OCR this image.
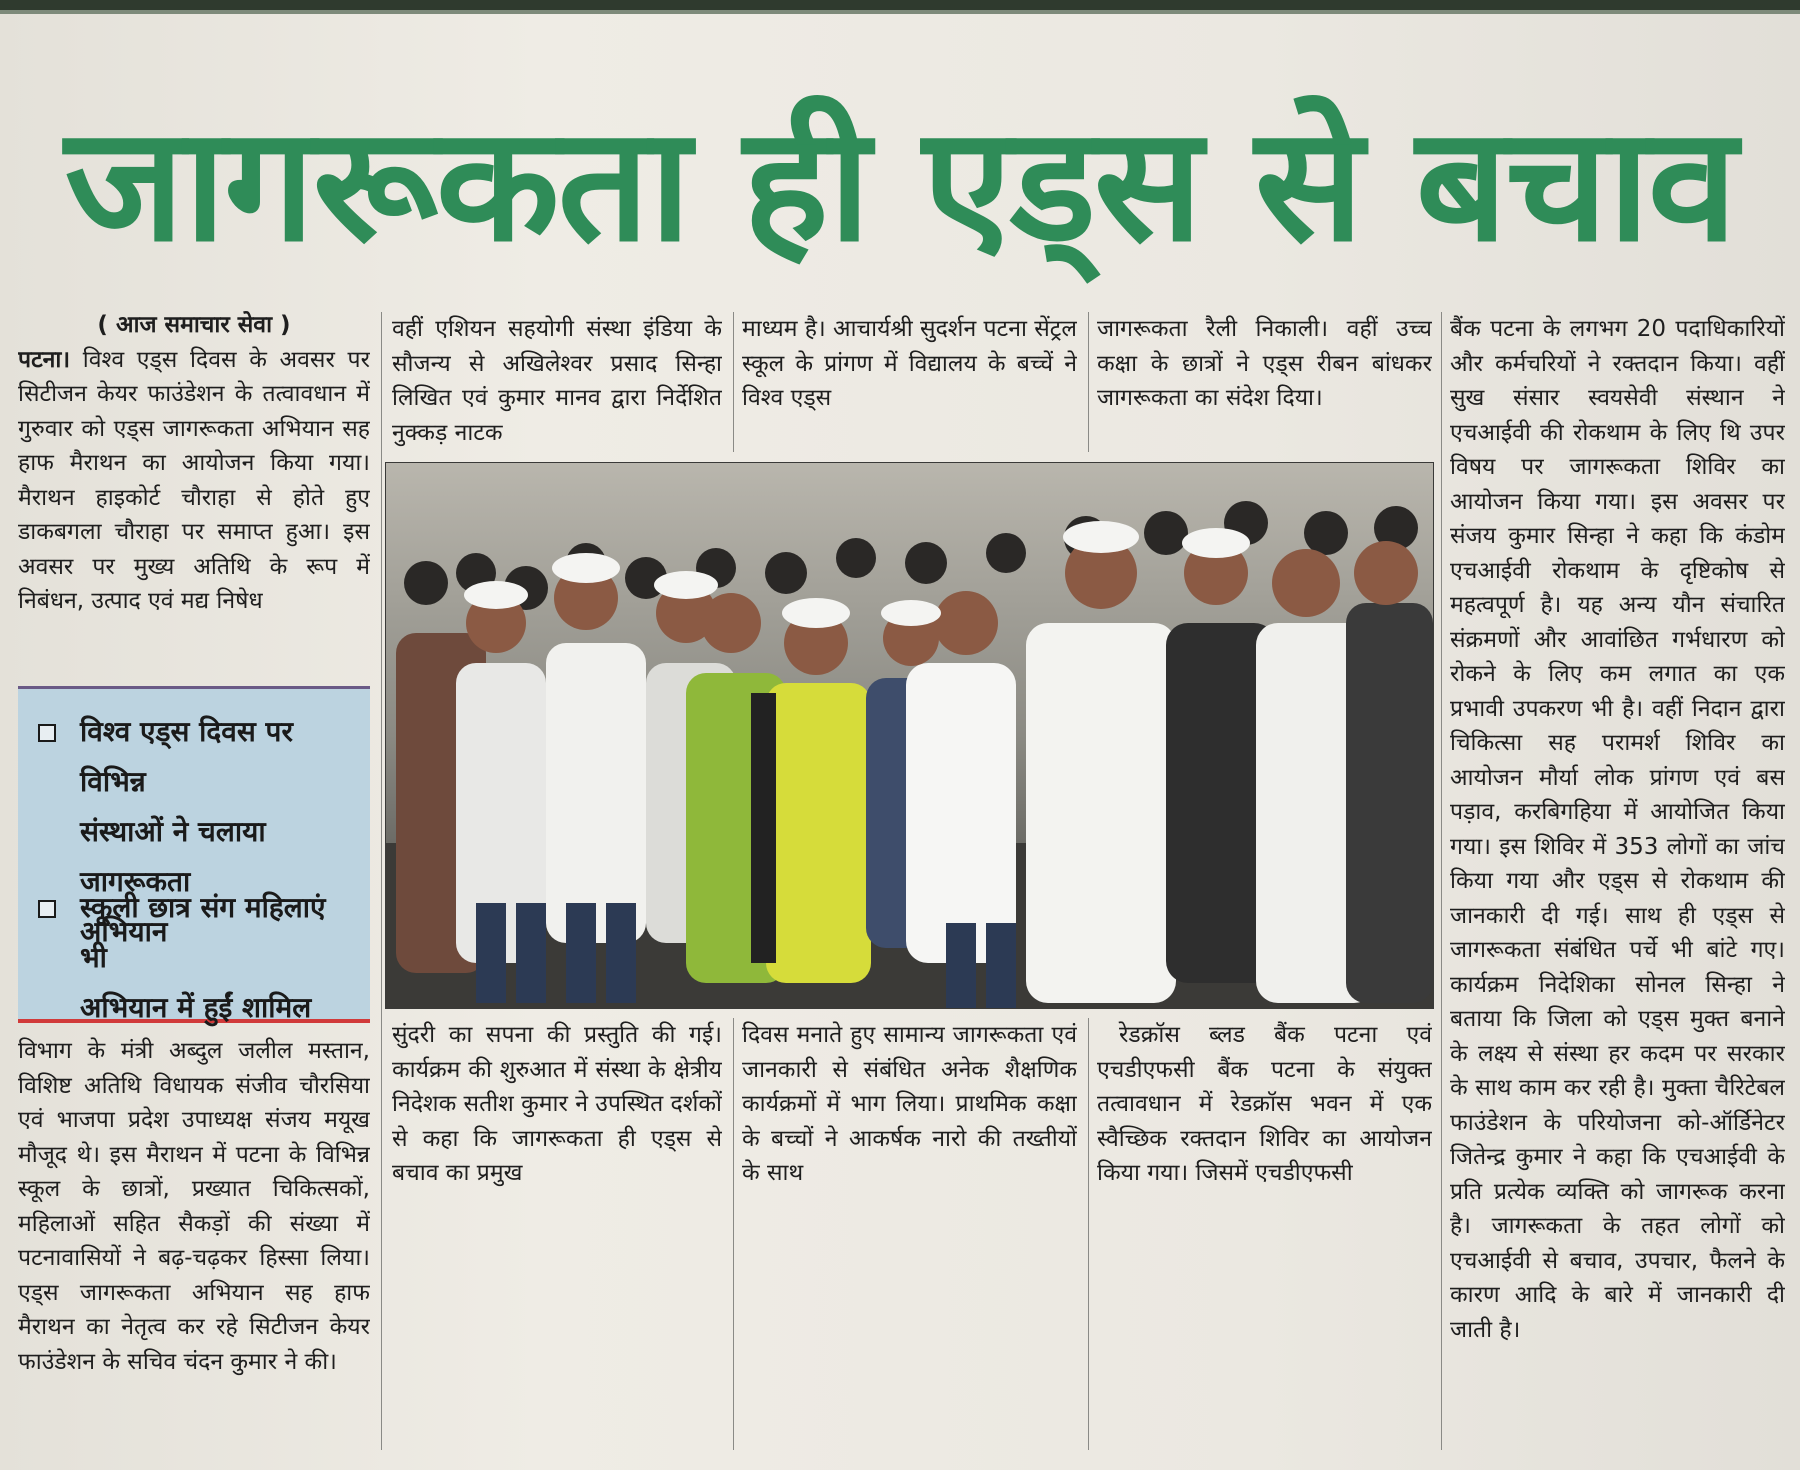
जागरूकता ही एड्स से बचाव

( आज समाचार सेवा )

पटना। विश्व एड्स दिवस के अवसर पर सिटीजन केयर फाउंडेशन के तत्वावधान में गुरुवार को एड्स जागरूकता अभियान सह हाफ मैराथन का आयोजन किया गया। मैराथन हाइकोर्ट चौराहा से होते हुए डाकबगला चौराहा पर समाप्त हुआ। इस अवसर पर मुख्य अतिथि के रूप में निबंधन, उत्पाद एवं मद्य निषेध

विश्व एड्स दिवस पर विभिन्न
संस्थाओं ने चलाया जागरूकता
अभियान
स्कूली छात्र संग महिलाएं भी
अभियान में हुईं शामिल

विभाग के मंत्री अब्दुल जलील मस्तान, विशिष्ट अतिथि विधायक संजीव चौरसिया एवं भाजपा प्रदेश उपाध्यक्ष संजय मयूख मौजूद थे। इस मैराथन में पटना के विभिन्न स्कूल के छात्रों, प्रख्यात चिकित्सकों, महिलाओं सहित सैकड़ों की संख्या में पटनावासियों ने बढ़-चढ़कर हिस्सा लिया। एड्स जागरूकता अभियान सह हाफ मैराथन का नेतृत्व कर रहे सिटीजन केयर फाउंडेशन के सचिव चंदन कुमार ने की।

वहीं एशियन सहयोगी संस्था इंडिया के सौजन्य से अखिलेश्वर प्रसाद सिन्हा लिखित एवं कुमार मानव द्वारा निर्देशित नुक्कड़ नाटक

माध्यम है। आचार्यश्री सुदर्शन पटना सेंट्रल स्कूल के प्रांगण में विद्यालय के बच्चें ने विश्व एड्स

जागरूकता रैली निकाली। वहीं उच्च कक्षा के छात्रों ने एड्स रीबन बांधकर जागरूकता का संदेश दिया।

सुंदरी का सपना की प्रस्तुति की गई। कार्यक्रम की शुरुआत में संस्था के क्षेत्रीय निदेशक सतीश कुमार ने उपस्थित दर्शकों से कहा कि जागरूकता ही एड्स से बचाव का प्रमुख

दिवस मनाते हुए सामान्य जागरूकता एवं जानकारी से संबंधित अनेक शैक्षणिक कार्यक्रमों में भाग लिया। प्राथमिक कक्षा के बच्चों ने आकर्षक नारो की तख्तीयों के साथ

रेडक्रॉस ब्लड बैंक पटना एवं एचडीएफसी बैंक पटना के संयुक्त तत्वावधान में रेडक्रॉस भवन में एक स्वैच्छिक रक्तदान शिविर का आयोजन किया गया। जिसमें एचडीएफसी

बैंक पटना के लगभग 20 पदाधिकारियों और कर्मचरियों ने रक्तदान किया। वहीं सुख संसार स्वयसेवी संस्थान ने एचआईवी की रोकथाम के लिए थि उपर विषय पर जागरूकता शिविर का आयोजन किया गया। इस अवसर पर संजय कुमार सिन्हा ने कहा कि कंडोम एचआईवी रोकथाम के दृष्टिकोष से महत्वपूर्ण है। यह अन्य यौन संचारित संक्रमणों और आवांछित गर्भधारण को रोकने के लिए कम लगात का एक प्रभावी उपकरण भी है। वहीं निदान द्वारा चिकित्सा सह परामर्श शिविर का आयोजन मौर्या लोक प्रांगण एवं बस पड़ाव, करबिगहिया में आयोजित किया गया। इस शिविर में 353 लोगों का जांच किया गया और एड्स से रोकथाम की जानकारी दी गई। साथ ही एड्स से जागरूकता संबंधित पर्चे भी बांटे गए। कार्यक्रम निदेशिका सोनल सिन्हा ने बताया कि जिला को एड्स मुक्त बनाने के लक्ष्य से संस्था हर कदम पर सरकार के साथ काम कर रही है। मुक्ता चैरिटेबल फाउंडेशन के परियोजना को-ऑर्डिनेटर जितेन्द्र कुमार ने कहा कि एचआईवी के प्रति प्रत्येक व्यक्ति को जागरूक करना है। जागरूकता के तहत लोगों को एचआईवी से बचाव, उपचार, फैलने के कारण आदि के बारे में जानकारी दी जाती है।
